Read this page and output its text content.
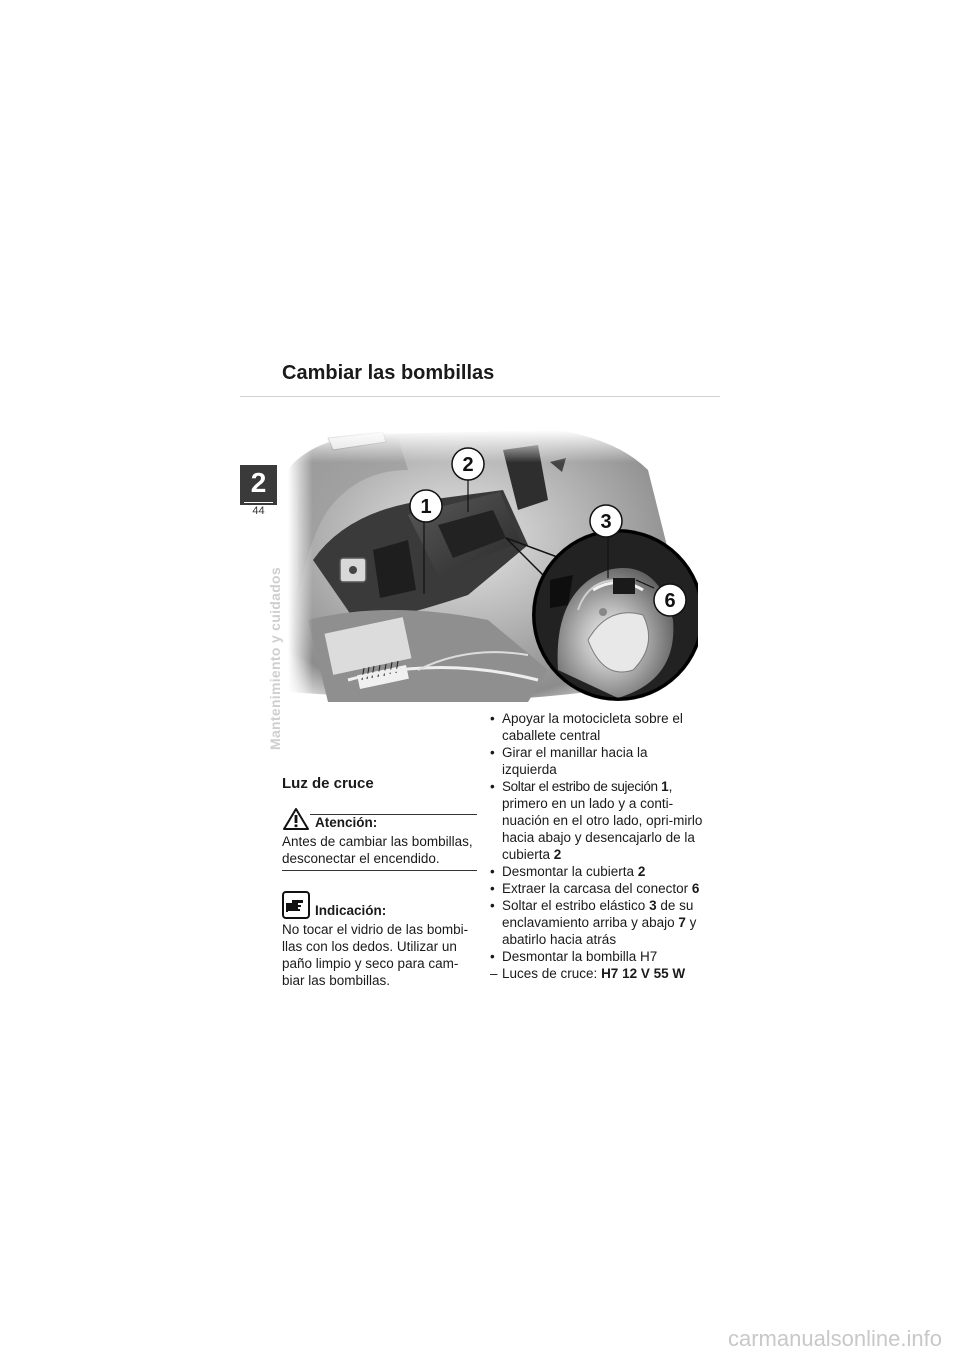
2
44
Mantenimiento y cuidados
Cambiar las bombillas
1
2
3
6
Luz de cruce
Atención:

Antes de cambiar las bombillas, desconectar el encendido.

Indicación:

No tocar el vidrio de las bombi-llas con los dedos. Utilizar un paño limpio y seco para cam-biar las bombillas.

• Apoyar la motocicleta sobre el caballete central
• Girar el manillar hacia la izquierda
• Soltar el estribo de sujeción 1, primero en un lado y a conti-nuación en el otro lado, opri-mirlo hacia abajo y desencajarlo de la cubierta 2
• Desmontar la cubierta 2
• Extraer la carcasa del conector 6
• Soltar el estribo elástico 3 de su enclavamiento arriba y abajo 7 y abatirlo hacia atrás
• Desmontar la bombilla H7
– Luces de cruce: H7 12 V 55 W
carmanualsonline.info
